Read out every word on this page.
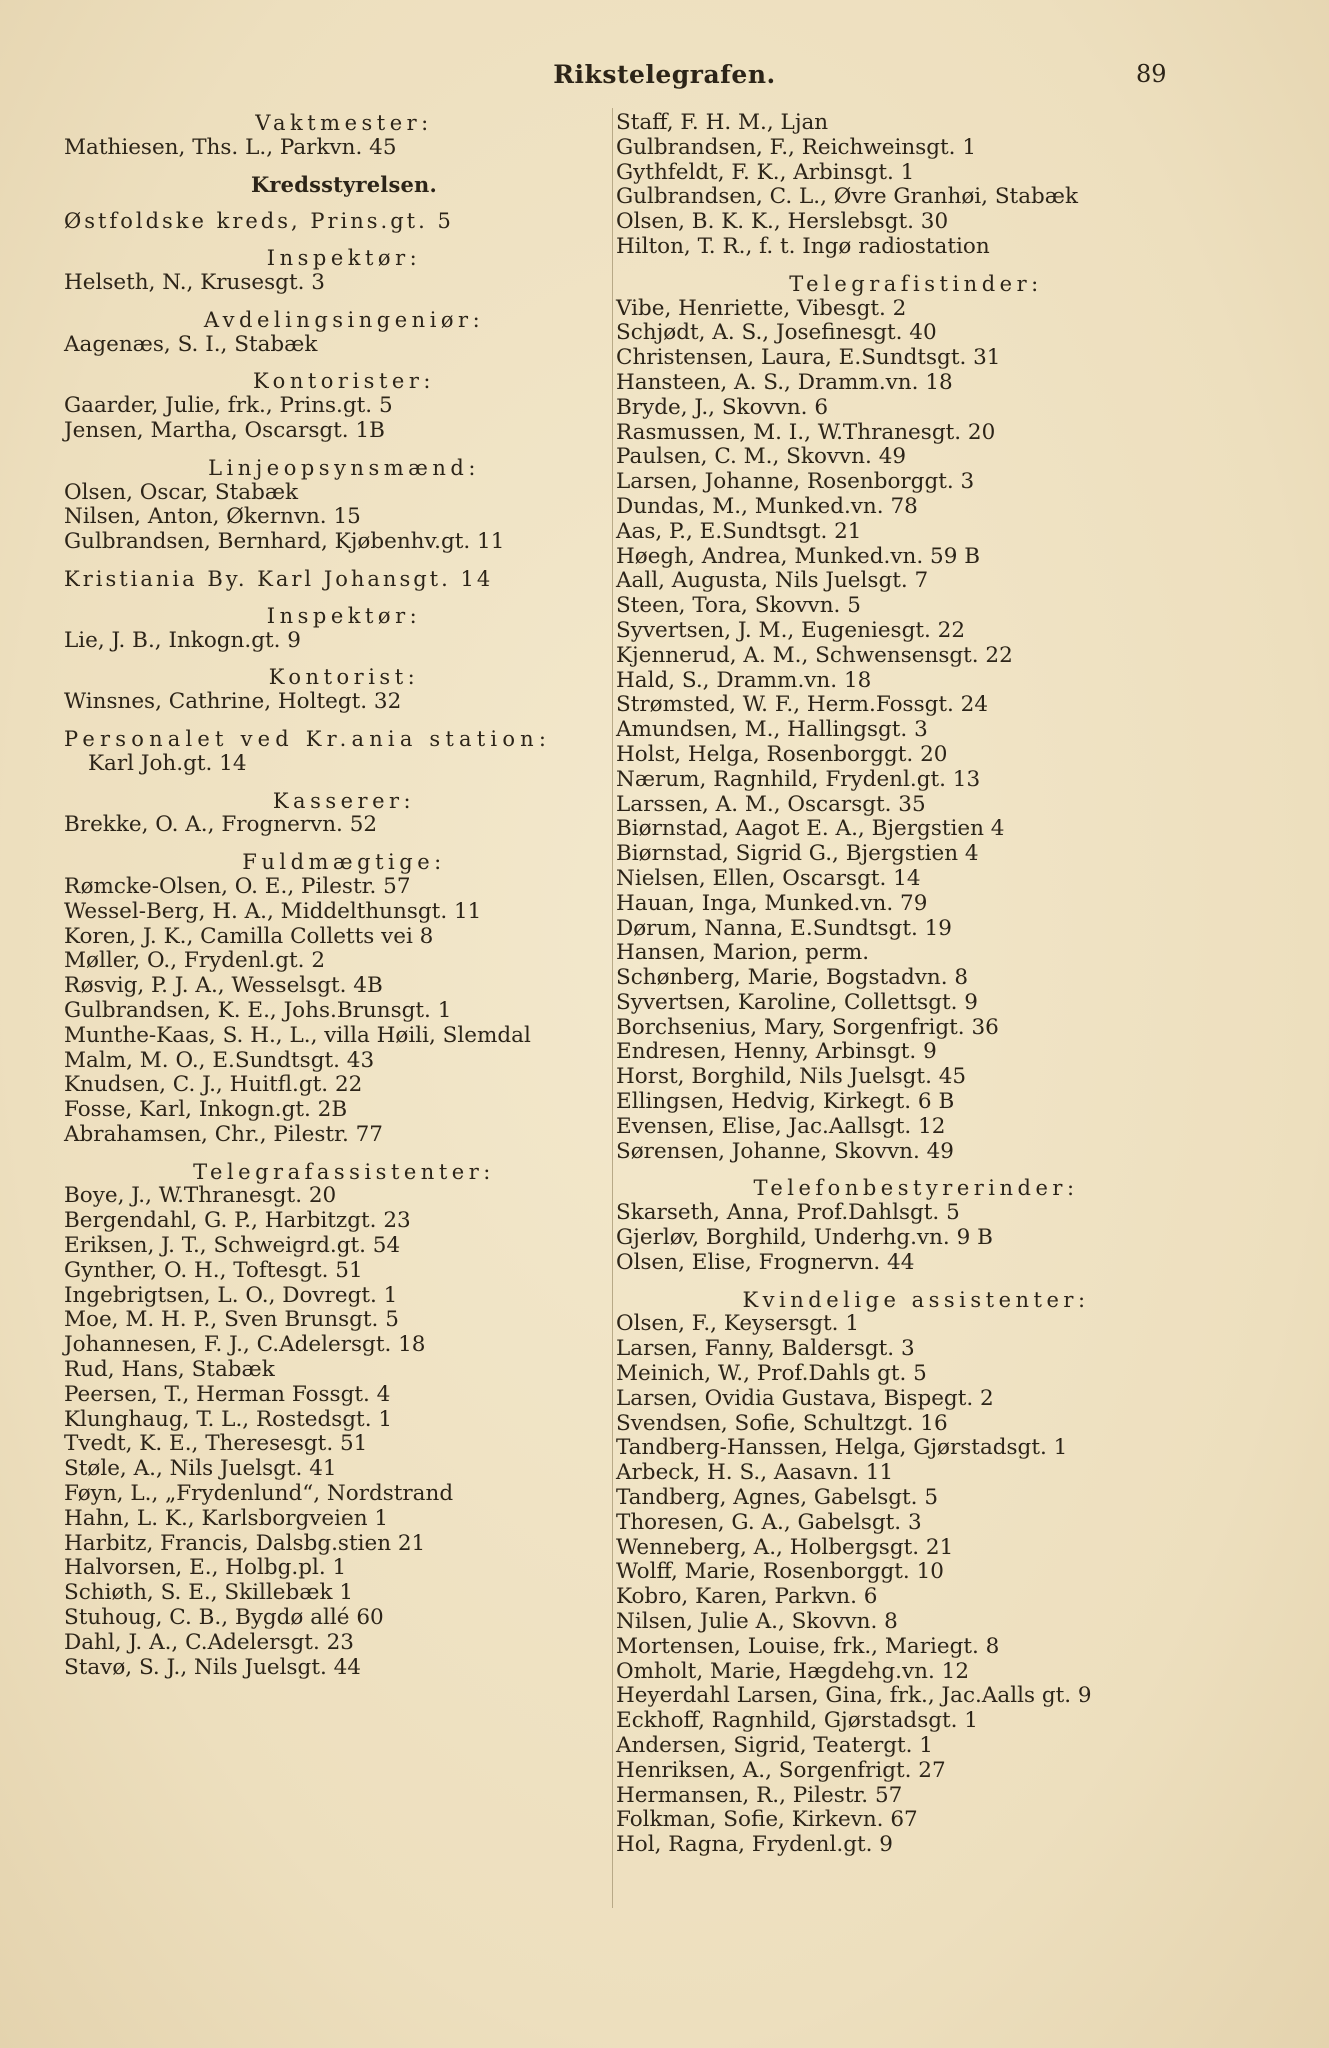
Rikstelegrafen.	89
Vaktmester:
Mathiesen, Ths. L., Parkvn. 45
Kredsstyrelsen.
Østfoldske kreds, Prins.gt. 5
Inspektør:
Helseth, N., Krusesgt. 3
Avdelingsingeniør:
Aagenæs, S. I., Stabæk
Kontorister:
Gaarder, Julie, frk., Prins.gt. 5
Jensen, Martha, Oscarsgt. 1B
Linjeopsynsmænd:
Olsen, Oscar, Stabæk
Nilsen, Anton, Økernvn. 15
Gulbrandsen, Bernhard, Kjøbenhv.gt. 11
Kristiania By. Karl Johansgt. 14
Inspektør:
Lie, J. B., Inkogn.gt. 9
Kontorist:
Winsnes, Cathrine, Holtegt. 32
Personalet ved Kr.ania station:
Karl Joh.gt. 14
Kasserer:
Brekke, O. A., Frognervn. 52
Fuldmægtige:
Rømcke-Olsen, O. E., Pilestr. 57
Wessel-Berg, H. A., Middelthunsgt. 11
Koren, J. K., Camilla Colletts vei 8
Møller, O., Frydenl.gt. 2
Røsvig, P. J. A., Wesselsgt. 4B
Gulbrandsen, K. E., Johs.Brunsgt. 1
Munthe-Kaas, S. H., L., villa Høili, Slemdal
Malm, M. O., E.Sundtsgt. 43
Knudsen, C. J., Huitfl.gt. 22
Fosse, Karl, Inkogn.gt. 2B
Abrahamsen, Chr., Pilestr. 77
Telegrafassistenter:
Boye, J., W.Thranesgt. 20
Bergendahl, G. P., Harbitzgt. 23
Eriksen, J. T., Schweigrd.gt. 54
Gynther, O. H., Toftesgt. 51
Ingebrigtsen, L. O., Dovregt. 1
Moe, M. H. P., Sven Brunsgt. 5
Johannesen, F. J., C.Adelersgt. 18
Rud, Hans, Stabæk
Peersen, T., Herman Fossgt. 4
Klunghaug, T. L., Rostedsgt. 1
Tvedt, K. E., Theresesgt. 51
Støle, A., Nils Juelsgt. 41
Føyn, L., „Frydenlund“, Nordstrand
Hahn, L. K., Karlsborgveien 1
Harbitz, Francis, Dalsbg.stien 21
Halvorsen, E., Holbg.pl. 1
Schiøth, S. E., Skillebæk 1
Stuhoug, C. B., Bygdø allé 60
Dahl, J. A., C.Adelersgt. 23
Stavø, S. J., Nils Juelsgt. 44
Staff, F. H. M., Ljan
Gulbrandsen, F., Reichweinsgt. 1
Gythfeldt, F. K., Arbinsgt. 1
Gulbrandsen, C. L., Øvre Granhøi, Stabæk
Olsen, B. K. K., Herslebsgt. 30
Hilton, T. R., f. t. Ingø radiostation
Telegrafistinder:
Vibe, Henriette, Vibesgt. 2
Schjødt, A. S., Josefinesgt. 40
Christensen, Laura, E.Sundtsgt. 31
Hansteen, A. S., Dramm.vn. 18
Bryde, J., Skovvn. 6
Rasmussen, M. I., W.Thranesgt. 20
Paulsen, C. M., Skovvn. 49
Larsen, Johanne, Rosenborggt. 3
Dundas, M., Munked.vn. 78
Aas, P., E.Sundtsgt. 21
Høegh, Andrea, Munked.vn. 59 B
Aall, Augusta, Nils Juelsgt. 7
Steen, Tora, Skovvn. 5
Syvertsen, J. M., Eugeniesgt. 22
Kjennerud, A. M., Schwensensgt. 22
Hald, S., Dramm.vn. 18
Strømsted, W. F., Herm.Fossgt. 24
Amundsen, M., Hallingsgt. 3
Holst, Helga, Rosenborggt. 20
Nærum, Ragnhild, Frydenl.gt. 13
Larssen, A. M., Oscarsgt. 35
Biørnstad, Aagot E. A., Bjergstien 4
Biørnstad, Sigrid G., Bjergstien 4
Nielsen, Ellen, Oscarsgt. 14
Hauan, Inga, Munked.vn. 79
Dørum, Nanna, E.Sundtsgt. 19
Hansen, Marion, perm.
Schønberg, Marie, Bogstadvn. 8
Syvertsen, Karoline, Collettsgt. 9
Borchsenius, Mary, Sorgenfrigt. 36
Endresen, Henny, Arbinsgt. 9
Horst, Borghild, Nils Juelsgt. 45
Ellingsen, Hedvig, Kirkegt. 6 B
Evensen, Elise, Jac.Aallsgt. 12
Sørensen, Johanne, Skovvn. 49
Telefonbestyrerinder:
Skarseth, Anna, Prof.Dahlsgt. 5
Gjerløv, Borghild, Underhg.vn. 9 B
Olsen, Elise, Frognervn. 44
Kvindelige assistenter:
Olsen, F., Keysersgt. 1
Larsen, Fanny, Baldersgt. 3
Meinich, W., Prof.Dahls gt. 5
Larsen, Ovidia Gustava, Bispegt. 2
Svendsen, Sofie, Schultzgt. 16
Tandberg-Hanssen, Helga, Gjørstadsgt. 1
Arbeck, H. S., Aasavn. 11
Tandberg, Agnes, Gabelsgt. 5
Thoresen, G. A., Gabelsgt. 3
Wenneberg, A., Holbergsgt. 21
Wolff, Marie, Rosenborggt. 10
Kobro, Karen, Parkvn. 6
Nilsen, Julie A., Skovvn. 8
Mortensen, Louise, frk., Mariegt. 8
Omholt, Marie, Hægdehg.vn. 12
Heyerdahl Larsen, Gina, frk., Jac.Aalls gt. 9
Eckhoff, Ragnhild, Gjørstadsgt. 1
Andersen, Sigrid, Teatergt. 1
Henriksen, A., Sorgenfrigt. 27
Hermansen, R., Pilestr. 57
Folkman, Sofie, Kirkevn. 67
Hol, Ragna, Frydenl.gt. 9
